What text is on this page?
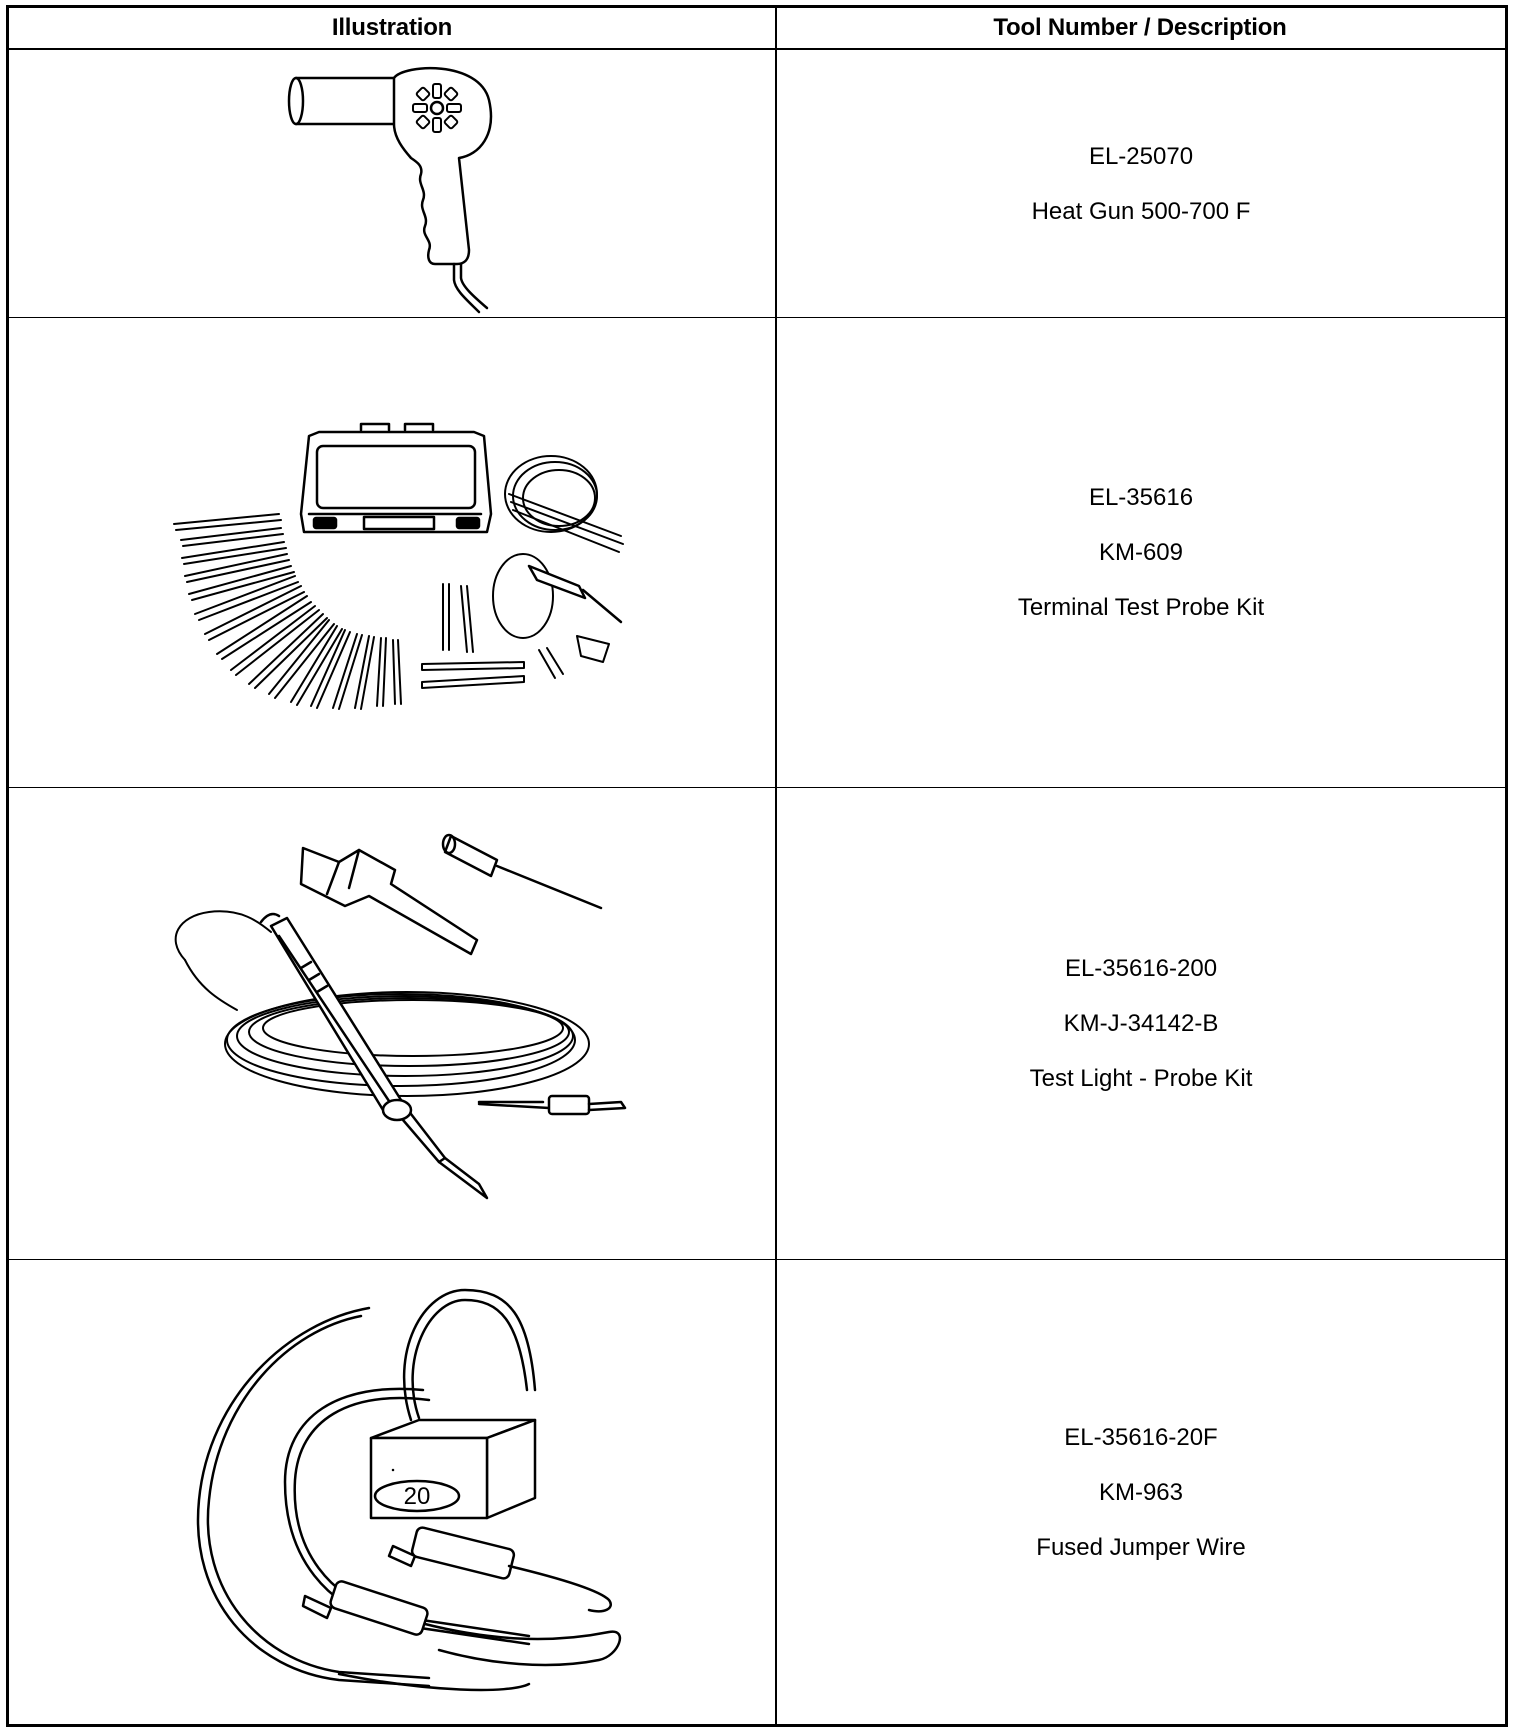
Illustration	Tool Number / Description
EL-25070
Heat Gun 500-700 F
EL-35616
KM-609
Terminal Test Probe Kit
EL-35616-200
KM-J-34142-B
Test Light - Probe Kit
20
EL-35616-20F
KM-963
Fused Jumper Wire
